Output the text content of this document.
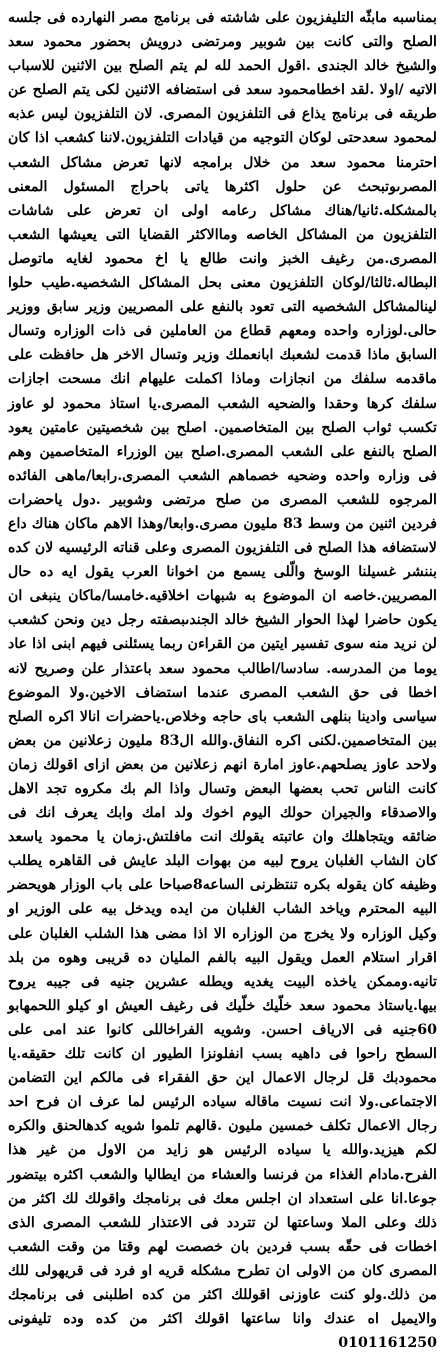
بمناسبه مابثّه التليفزيون على شاشته فى برنامج مصر النهارده فى جلسه الصلح والتى كانت بين شوبير ومرتضى درويش بحضور محمود سعد والشيخ خالد الجندى .اقول الحمد لله لم يتم الصلح بين الاثنين للاسباب الاتيه /اولا .لقد اخطامحمود سعد فى استضافه الاثنين لكى يتم الصلح عن طريقه فى برنامج يذاع فى التلفزيون المصرى. لان التلفزيون ليس عذبه لمحمود سعدحتى لوكان التوجيه من قيادات التلفزيون.لاننا كشعب اذا كان احترمنا محمود سعد من خلال برامجه لانها تعرض مشاكل الشعب المصرىوتبحث عن حلول اكثرها ياتى باحراج المسئول المعنى بالمشكله.ثانيا/هناك مشاكل رعامه اولى ان تعرض على شاشات التلفزيون من المشاكل الخاصه وماالاكثر القضايا التى يعيشها الشعب المصرى.من رغيف الخبز وانت طالع يا اخ محمود لغايه ماتوصل البطاله.ثالثا/لوكان التلفزيون معنى بحل المشاكل الشخصيه.طيب حلوا لينالمشاكل الشخصيه التى تعود بالنفع على المصريين وزير سابق ووزير حالى.لوزاره واحده ومعهم قطاع من العاملين فى ذات الوزاره وتسال السابق ماذا قدمت لشعبك ابانعملك وزير وتسال الاخر هل حافظت على ماقدمه سلفك من انجازات وماذا اكملت عليهام انك مسحت اجازات سلفك كرها وحقدا والضحيه الشعب المصرى.يا استاذ محمود لو عاوز تكسب ثواب الصلح بين المتخاصمين. اصلح بين شخصيتين عامتين يعود الصلح بالنفع على الشعب المصرى.اصلح بين الوزراء المتخاصمين وهم فى وزاره واحده وضحيه خصماهم الشعب المصرى.رابعا/ماهى الفائده المرجوه للشعب المصرى من صلح مرتضى وشوبير .دول ياحضرات فردين اثنين من وسط 83 مليون مصرى.وابعا/وهذا الاهم ماكان هناك داع لاستضافه هذا الصلح فى التلفزيون المصرى وعلى قناته الرئيسيه لان كده بننشر غسيلنا الوسخ والّلى يسمع من اخوانا العرب يقول ايه ده حال المصريين.خاصه ان الموضوع به شبهات اخلاقيه.خامسا/ماكان ينبغى ان يكون حاضرا لهذا الحوار الشيخ خالد الجندىبصفته رجل دين ونحن كشعب لن نريد منه سوى تفسير ايتين من القراءن ربما يسئلنى فيهم ابنى اذا عاد يوما من المدرسه. سادسا/اطالب محمود سعد باعتذار علن وصريح لانه اخطا فى حق الشعب المصرى عندما استضاف الاخين.ولا الموضوع سياسى وادينا بنلهى الشعب باى حاجه وخلاص.ياحضرات انالا اكره الصلح بين المتخاصمين.لكنى اكره النفاق.والله ال83 مليون زعلانين من بعض ولاحد عاوز يصلحهم.عاوز امارة انهم زعلانين من بعض ازاى اقولك زمان كانت الناس تحب بعضها البعض وتسال واذا الم بك مكروه تجد الاهل والاصدقاء والجيران حولك اليوم اخوك ولد امك وابك يعرف انك فى ضائقه ويتجاهلك وان عاتبته يقولك انت مافلتش.زمان يا محمود ياسعد كان الشاب الغلبان يروح لبيه من بهوات البلد عايش فى القاهره يطلب وظيفه كان يقوله بكره تنتظرنى الساعه8صباحا على باب الوزار هويحضر البيه المحترم وياخد الشاب الغلبان من ايده ويدخل بيه على الوزير او وكيل الوزاره ولا يخرج من الوزاره الا اذا مضى هذا الشلب الغلبان على اقرار استلام العمل ويقول البيه بالفم المليان ده قريبى وهوه من بلد تانيه.وممكن ياخذه البيت يغديه ويطله عشرين جنيه فى جيبه يروح بيها.ياستاذ محمود سعد خلّيك خلّيك فى رغيف العيش او كيلو اللحمهابو 60جنيه فى الارياف احسن. وشويه الفراخاللى كانوا عند امى على السطح راحوا فى داهيه بسب انفلونزا الطيور ان كانت تلك حقيقه.يا محمودبك قل لرجال الاعمال اين حق الفقراء فى مالكم اين التضامن الاجتماعى.ولا انت نسيت ماقاله سياده الرئيس لما عرف ان فرح احد رجال الاعمال تكلف خمسين مليون .قالهم تلموا شويه كدهالحنق والكره لكم هيزيد.والله يا سياده الرئيس هو زايد من الاول من غير هذا الفرح.مادام الغذاء من فرنسا والعشاء من ايطاليا والشعب اكثره بيتضور جوعا.انا على استعداد ان اجلس معك فى برنامجك واقولك لك اكثر من ذلك وعلى الملا وساعتها لن تتردد فى الاعتذار للشعب المصرى الذى اخطات فى حقّه بسب فردين بان خصصت لهم وقتا من وقت الشعب المصرى كان من الاولى ان تطرح مشكله قريه او فرد فى قريهولى للك من ذلك.ولو كنت عاوزنى اقوللك اكثر من كده اطلبنى فى برنامجك والايميل اه عندك وانا ساعتها اقولك اكثر من كده وده تليفونى 0101161250
